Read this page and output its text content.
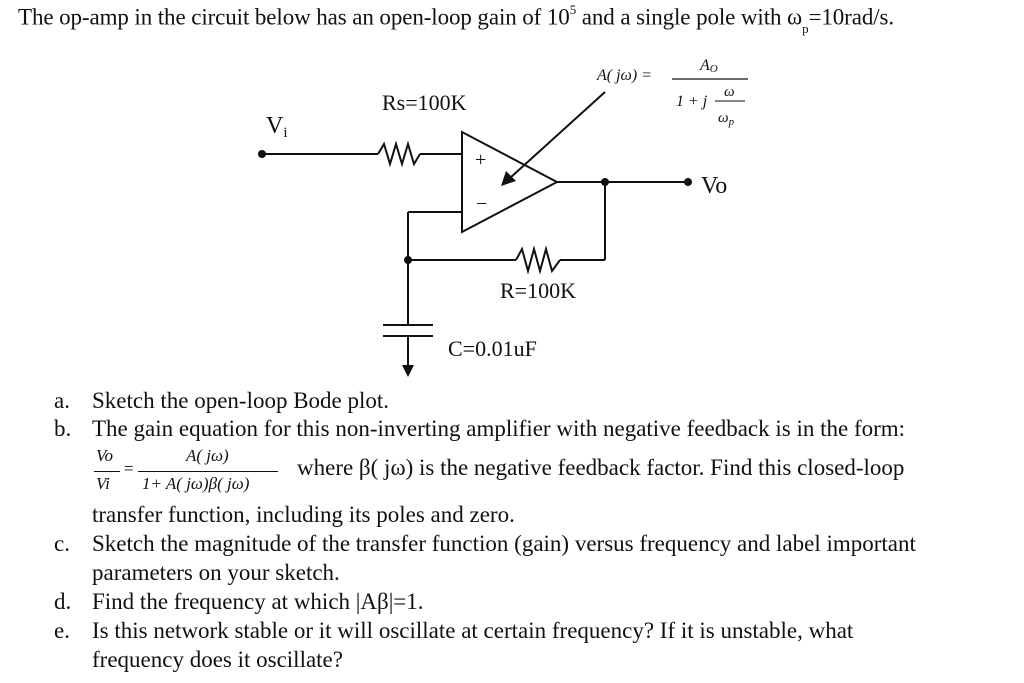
The op-amp in the circuit below has an open-loop gain of $10^5$ and a single pole with $\omega_p=10rad/s$.
+
−
Vi
Rs=100K
R=100K
C=0.01uF
Vo
A( jω) =
AO
1 + j
ω
$\omega_p$
a. Sketch the open-loop Bode plot.
b. The gain equation for this non-inverting amplifier with negative feedback is in the form:
Vo
Vi
=
A( jω)
1+ A( jω)β( jω)
where β( jω) is the negative feedback factor. Find this closed-loop
transfer function, including its poles and zero.
c. Sketch the magnitude of the transfer function (gain) versus frequency and label important
parameters on your sketch.
d. Find the frequency at which |Aβ|=1.
e. Is this network stable or it will oscillate at certain frequency? If it is unstable, what
frequency does it oscillate?
